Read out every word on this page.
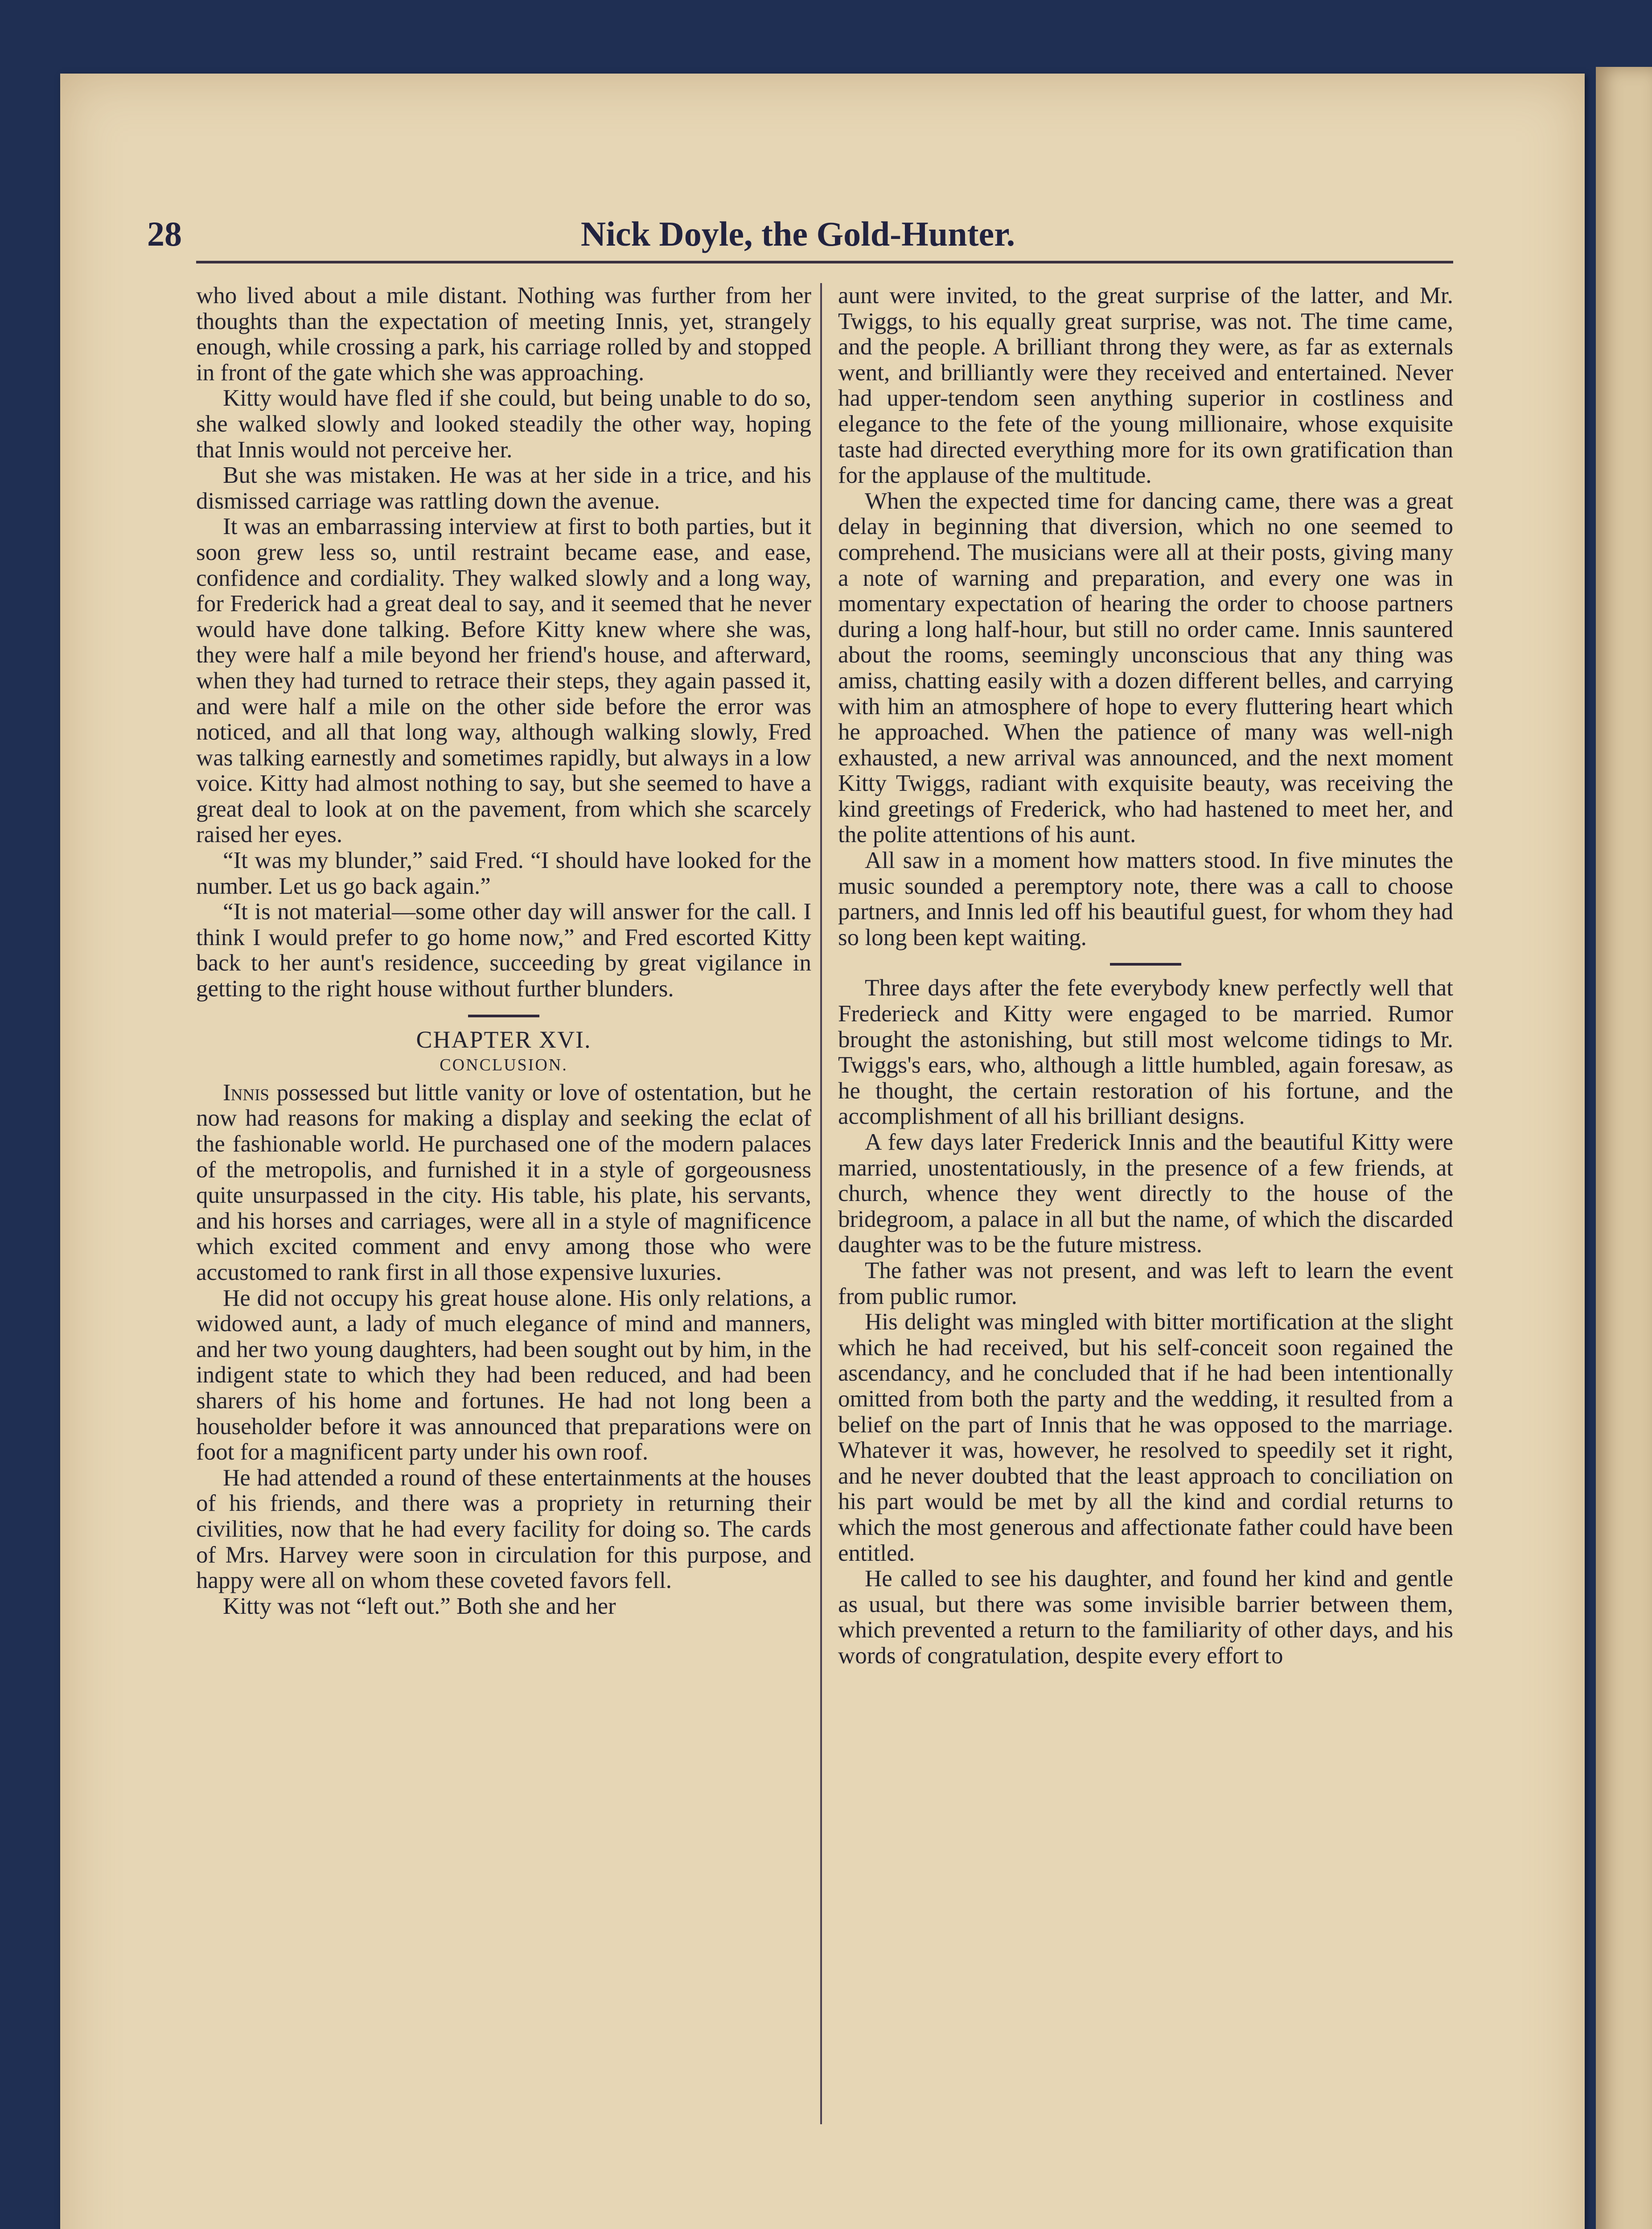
28	Nick Doyle, the Gold-Hunter.

who lived about a mile distant. Nothing was further from her thoughts than the expectation of meeting Innis, yet, strangely enough, while crossing a park, his carriage rolled by and stopped in front of the gate which she was approaching.

Kitty would have fled if she could, but being unable to do so, she walked slowly and looked steadily the other way, hoping that Innis would not perceive her.

But she was mistaken. He was at her side in a trice, and his dismissed carriage was rattling down the avenue.

It was an embarrassing interview at first to both parties, but it soon grew less so, until restraint became ease, and ease, confidence and cordiality. They walked slowly and a long way, for Frederick had a great deal to say, and it seemed that he never would have done talking. Before Kitty knew where she was, they were half a mile beyond her friend's house, and afterward, when they had turned to retrace their steps, they again passed it, and were half a mile on the other side before the error was noticed, and all that long way, although walking slowly, Fred was talking earnestly and sometimes rapidly, but always in a low voice. Kitty had almost nothing to say, but she seemed to have a great deal to look at on the pavement, from which she scarcely raised her eyes.

“It was my blunder,” said Fred. “I should have looked for the number. Let us go back again.”

“It is not material—some other day will answer for the call. I think I would prefer to go home now,” and Fred escorted Kitty back to her aunt's residence, succeeding by great vigilance in getting to the right house without further blunders.

CHAPTER XVI.
CONCLUSION.

Innis possessed but little vanity or love of ostentation, but he now had reasons for making a display and seeking the eclat of the fashionable world. He purchased one of the modern palaces of the metropolis, and furnished it in a style of gorgeousness quite unsurpassed in the city. His table, his plate, his servants, and his horses and carriages, were all in a style of magnificence which excited comment and envy among those who were accustomed to rank first in all those expensive luxuries.

He did not occupy his great house alone. His only relations, a widowed aunt, a lady of much elegance of mind and manners, and her two young daughters, had been sought out by him, in the indigent state to which they had been reduced, and had been sharers of his home and fortunes. He had not long been a householder before it was announced that preparations were on foot for a magnificent party under his own roof.

He had attended a round of these entertainments at the houses of his friends, and there was a propriety in returning their civilities, now that he had every facility for doing so. The cards of Mrs. Harvey were soon in circulation for this purpose, and happy were all on whom these coveted favors fell.

Kitty was not “left out.” Both she and her

aunt were invited, to the great surprise of the latter, and Mr. Twiggs, to his equally great surprise, was not. The time came, and the people. A brilliant throng they were, as far as externals went, and brilliantly were they received and entertained. Never had upper-tendom seen anything superior in costliness and elegance to the fete of the young millionaire, whose exquisite taste had directed everything more for its own gratification than for the applause of the multitude.

When the expected time for dancing came, there was a great delay in beginning that diversion, which no one seemed to comprehend. The musicians were all at their posts, giving many a note of warning and preparation, and every one was in momentary expectation of hearing the order to choose partners during a long half-hour, but still no order came. Innis sauntered about the rooms, seemingly unconscious that any thing was amiss, chatting easily with a dozen different belles, and carrying with him an atmosphere of hope to every fluttering heart which he approached. When the patience of many was well-nigh exhausted, a new arrival was announced, and the next moment Kitty Twiggs, radiant with exquisite beauty, was receiving the kind greetings of Frederick, who had hastened to meet her, and the polite attentions of his aunt.

All saw in a moment how matters stood. In five minutes the music sounded a peremptory note, there was a call to choose partners, and Innis led off his beautiful guest, for whom they had so long been kept waiting.

Three days after the fete everybody knew perfectly well that Frederieck and Kitty were engaged to be married. Rumor brought the astonishing, but still most welcome tidings to Mr. Twiggs's ears, who, although a little humbled, again foresaw, as he thought, the certain restoration of his fortune, and the accomplishment of all his brilliant designs.

A few days later Frederick Innis and the beautiful Kitty were married, unostentatiously, in the presence of a few friends, at church, whence they went directly to the house of the bridegroom, a palace in all but the name, of which the discarded daughter was to be the future mistress.

The father was not present, and was left to learn the event from public rumor.

His delight was mingled with bitter mortification at the slight which he had received, but his self-conceit soon regained the ascendancy, and he concluded that if he had been intentionally omitted from both the party and the wedding, it resulted from a belief on the part of Innis that he was opposed to the marriage. Whatever it was, however, he resolved to speedily set it right, and he never doubted that the least approach to conciliation on his part would be met by all the kind and cordial returns to which the most generous and affectionate father could have been entitled.

He called to see his daughter, and found her kind and gentle as usual, but there was some invisible barrier between them, which prevented a return to the familiarity of other days, and his words of congratulation, despite every effort to
